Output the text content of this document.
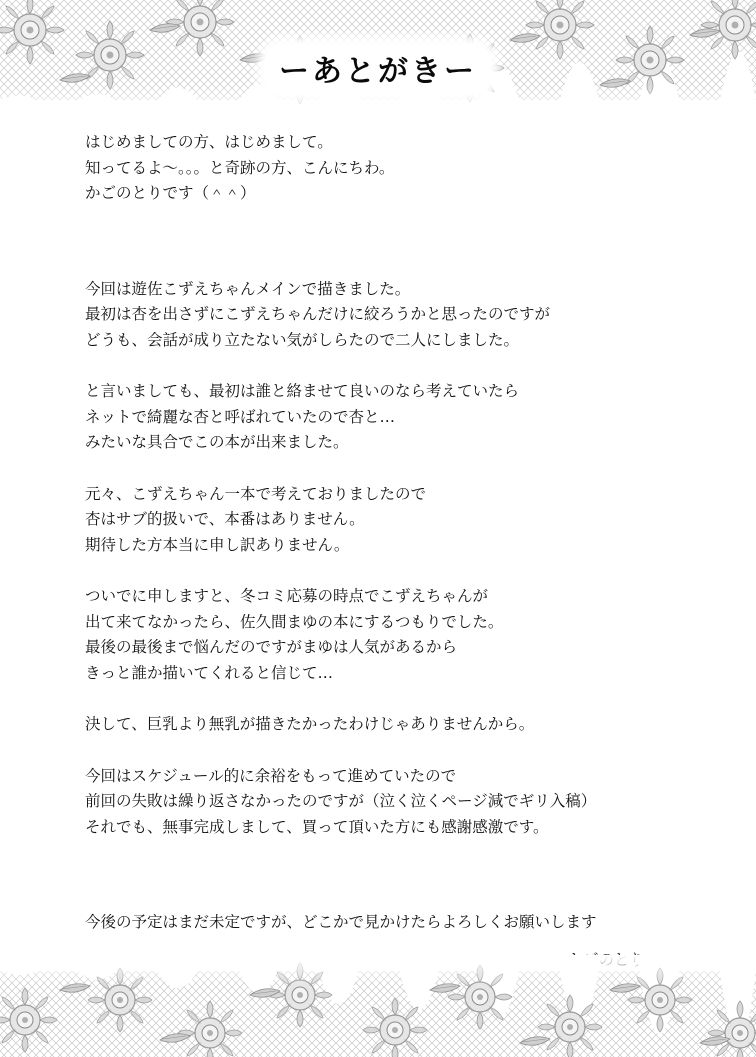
ーあとがきー
はじめましての方、はじめまして。
知ってるよ～。。。と奇跡の方、こんにちわ。
かごのとりです（＾＾）
今回は遊佐こずえちゃんメインで描きました。
最初は杏を出さずにこずえちゃんだけに絞ろうかと思ったのですが
どうも、会話が成り立たない気がしらたので二人にしました。
と言いましても、最初は誰と絡ませて良いのなら考えていたら
ネットで綺麗な杏と呼ばれていたので杏と…
みたいな具合でこの本が出来ました。
元々、こずえちゃん一本で考えておりましたので
杏はサブ的扱いで、本番はありません。
期待した方本当に申し訳ありません。
ついでに申しますと、冬コミ応募の時点でこずえちゃんが
出て来てなかったら、佐久間まゆの本にするつもりでした。
最後の最後まで悩んだのですがまゆは人気があるから
きっと誰か描いてくれると信じて…
決して、巨乳より無乳が描きたかったわけじゃありませんから。
今回はスケジュール的に余裕をもって進めていたので
前回の失敗は繰り返さなかったのですが（泣く泣くページ減でギリ入稿）
それでも、無事完成しまして、買って頂いた方にも感謝感激です。
今後の予定はまだ未定ですが、どこかで見かけたらよろしくお願いします
